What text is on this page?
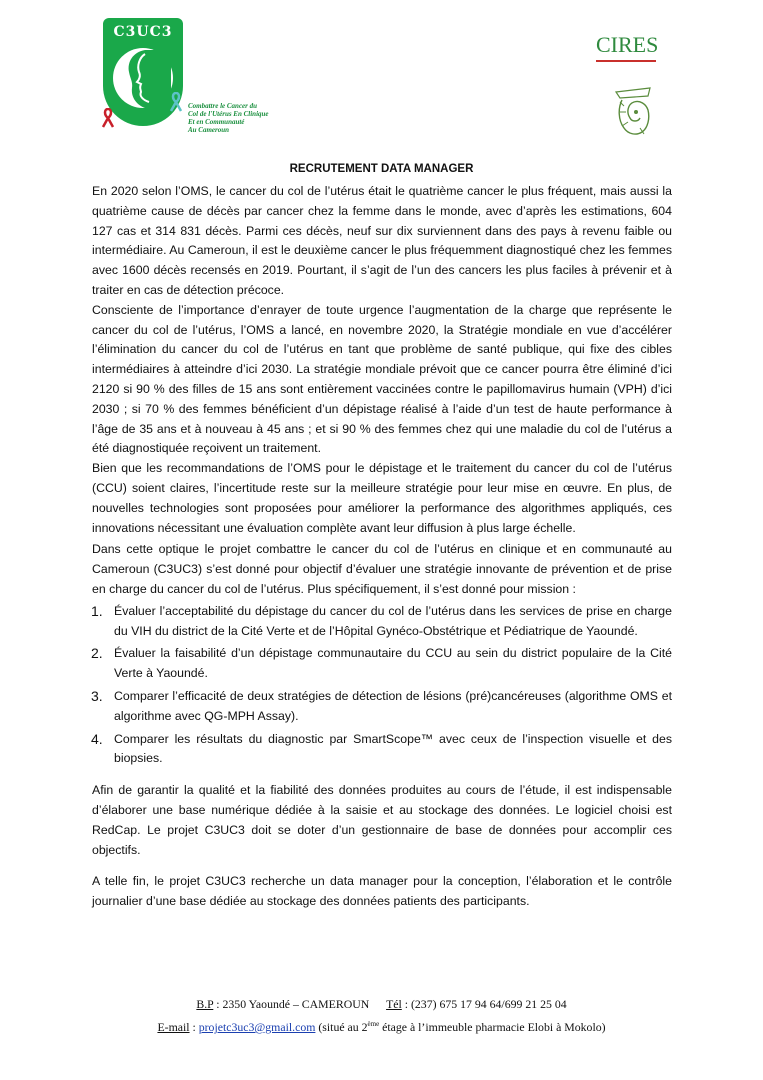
C3UC3
Combattre le Cancer du
Col de l'Utérus En Clinique
Et en Communauté
Au Cameroun
CIRES
RECRUTEMENT DATA MANAGER

En 2020 selon l’OMS, le cancer du col de l’utérus était le quatrième cancer le plus fréquent, mais aussi la quatrième cause de décès par cancer chez la femme dans le monde, avec d’après les estimations, 604 127 cas et 314 831 décès. Parmi ces décès, neuf sur dix surviennent dans des pays à revenu faible ou intermédiaire. Au Cameroun, il est le deuxième cancer le plus fréquemment diagnostiqué chez les femmes avec 1600 décès recensés en 2019. Pourtant, il s’agit de l’un des cancers les plus faciles à prévenir et à traiter en cas de détection précoce.

Consciente de l’importance d’enrayer de toute urgence l’augmentation de la charge que représente le cancer du col de l’utérus, l’OMS a lancé, en novembre 2020, la Stratégie mondiale en vue d’accélérer l’élimination du cancer du col de l’utérus en tant que problème de santé publique, qui fixe des cibles intermédiaires à atteindre d’ici 2030. La stratégie mondiale prévoit que ce cancer pourra être éliminé d’ici 2120 si 90 % des filles de 15 ans sont entièrement vaccinées contre le papillomavirus humain (VPH) d’ici 2030 ; si 70 % des femmes bénéficient d’un dépistage réalisé à l’aide d’un test de haute performance à l’âge de 35 ans et à nouveau à 45 ans ; et si 90 % des femmes chez qui une maladie du col de l’utérus a été diagnostiquée reçoivent un traitement.

Bien que les recommandations de l’OMS pour le dépistage et le traitement du cancer du col de l’utérus (CCU) soient claires, l’incertitude reste sur la meilleure stratégie pour leur mise en œuvre. En plus, de nouvelles technologies sont proposées pour améliorer la performance des algorithmes appliqués, ces innovations nécessitant une évaluation complète avant leur diffusion à plus large échelle.

Dans cette optique le projet combattre le cancer du col de l’utérus en clinique et en communauté au Cameroun (C3UC3) s’est donné pour objectif d’évaluer une stratégie innovante de prévention et de prise en charge du cancer du col de l’utérus. Plus spécifiquement, il s’est donné pour mission :

1. Évaluer l’acceptabilité du dépistage du cancer du col de l’utérus dans les services de prise en charge du VIH du district de la Cité Verte et de l’Hôpital Gynéco-Obstétrique et Pédiatrique de Yaoundé.
2. Évaluer la faisabilité d’un dépistage communautaire du CCU au sein du district populaire de la Cité Verte à Yaoundé.
3. Comparer l’efficacité de deux stratégies de détection de lésions (pré)cancéreuses (algorithme OMS et algorithme avec QG-MPH Assay).
4. Comparer les résultats du diagnostic par SmartScope™ avec ceux de l’inspection visuelle et des biopsies.

Afin de garantir la qualité et la fiabilité des données produites au cours de l’étude, il est indispensable d’élaborer une base numérique dédiée à la saisie et au stockage des données. Le logiciel choisi est RedCap. Le projet C3UC3 doit se doter d’un gestionnaire de base de données pour accomplir ces objectifs.

A telle fin, le projet C3UC3 recherche un data manager pour la conception, l’élaboration et le contrôle journalier d’une base dédiée au stockage des données patients des participants.

B.P : 2350 Yaoundé – CAMEROUN Tél : (237) 675 17 94 64/699 21 25 04
E-mail : projetc3uc3@gmail.com (situé au 2ème étage à l’immeuble pharmacie Elobi à Mokolo)
